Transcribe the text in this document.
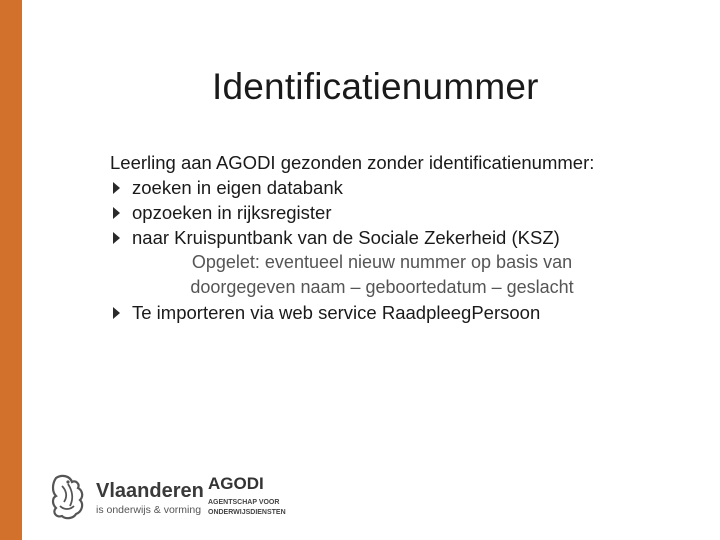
Identificatienummer
Leerling aan AGODI gezonden zonder identificatienummer:
zoeken in eigen databank
opzoeken in rijksregister
naar Kruispuntbank van de Sociale Zekerheid (KSZ)
Opgelet: eventueel nieuw nummer op basis van doorgegeven naam – geboortedatum – geslacht
Te importeren via web service RaadpleegPersoon
Vlaanderen
is onderwijs & vorming
AGODI
AGENTSCHAP VOOR ONDERWIJSDIENSTEN
